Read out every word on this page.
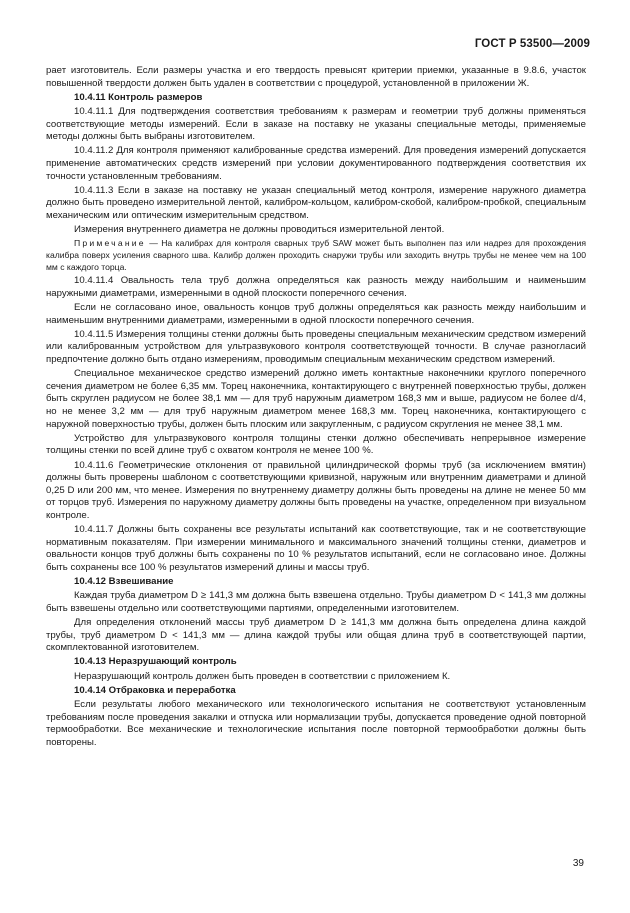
ГОСТ Р 53500—2009

рает изготовитель. Если размеры участка и его твердость превысят критерии приемки, указанные в 9.8.6, участок повышенной твердости должен быть удален в соответствии с процедурой, установленной в приложении Ж.

10.4.11 Контроль размеров

10.4.11.1 Для подтверждения соответствия требованиям к размерам и геометрии труб должны применяться соответствующие методы измерений. Если в заказе на поставку не указаны специальные методы, применяемые методы должны быть выбраны изготовителем.

10.4.11.2 Для контроля применяют калиброванные средства измерений. Для проведения измерений допускается применение автоматических средств измерений при условии документированного подтверждения соответствия их точности установленным требованиям.

10.4.11.3 Если в заказе на поставку не указан специальный метод контроля, измерение наружного диаметра должно быть проведено измерительной лентой, калибром-кольцом, калибром-скобой, калибром-пробкой, специальным механическим или оптическим измерительным средством.

Измерения внутреннего диаметра не должны проводиться измерительной лентой.

Примечание — На калибрах для контроля сварных труб SAW может быть выполнен паз или надрез для прохождения калибра поверх усиления сварного шва. Калибр должен проходить снаружи трубы или заходить внутрь трубы не менее чем на 100 мм с каждого торца.

10.4.11.4 Овальность тела труб должна определяться как разность между наибольшим и наименьшим наружными диаметрами, измеренными в одной плоскости поперечного сечения.

Если не согласовано иное, овальность концов труб должны определяться как разность между наибольшим и наименьшим внутренними диаметрами, измеренными в одной плоскости поперечного сечения.

10.4.11.5 Измерения толщины стенки должны быть проведены специальным механическим средством измерений или калиброванным устройством для ультразвукового контроля соответствующей точности. В случае разногласий предпочтение должно быть отдано измерениям, проводимым специальным механическим средством измерений.

Специальное механическое средство измерений должно иметь контактные наконечники круглого поперечного сечения диаметром не более 6,35 мм. Торец наконечника, контактирующего с внутренней поверхностью трубы, должен быть скруглен радиусом не более 38,1 мм — для труб наружным диаметром 168,3 мм и выше, радиусом не более d/4, но не менее 3,2 мм — для труб наружным диаметром менее 168,3 мм. Торец наконечника, контактирующего с наружной поверхностью трубы, должен быть плоским или закругленным, с радиусом скругления не менее 38,1 мм.

Устройство для ультразвукового контроля толщины стенки должно обеспечивать непрерывное измерение толщины стенки по всей длине труб с охватом контроля не менее 100 %.

10.4.11.6 Геометрические отклонения от правильной цилиндрической формы труб (за исключением вмятин) должны быть проверены шаблоном с соответствующими кривизной, наружным или внутренним диаметрами и длиной 0,25 D или 200 мм, что менее. Измерения по внутреннему диаметру должны быть проведены на длине не менее 50 мм от торцов труб. Измерения по наружному диаметру должны быть проведены на участке, определенном при визуальном контроле.

10.4.11.7 Должны быть сохранены все результаты испытаний как соответствующие, так и не соответствующие нормативным показателям. При измерении минимального и максимального значений толщины стенки, диаметров и овальности концов труб должны быть сохранены по 10 % результатов испытаний, если не согласовано иное. Должны быть сохранены все 100 % результатов измерений длины и массы труб.

10.4.12 Взвешивание

Каждая труба диаметром D ≥ 141,3 мм должна быть взвешена отдельно. Трубы диаметром D < 141,3 мм должны быть взвешены отдельно или соответствующими партиями, определенными изготовителем.

Для определения отклонений массы труб диаметром D ≥ 141,3 мм должна быть определена длина каждой трубы, труб диаметром D < 141,3 мм — длина каждой трубы или общая длина труб в соответствующей партии, скомплектованной изготовителем.

10.4.13 Неразрушающий контроль

Неразрушающий контроль должен быть проведен в соответствии с приложением К.

10.4.14 Отбраковка и переработка

Если результаты любого механического или технологического испытания не соответствуют установленным требованиям после проведения закалки и отпуска или нормализации трубы, допускается проведение одной повторной термообработки. Все механические и технологические испытания после повторной термообработки должны быть повторены.

39
